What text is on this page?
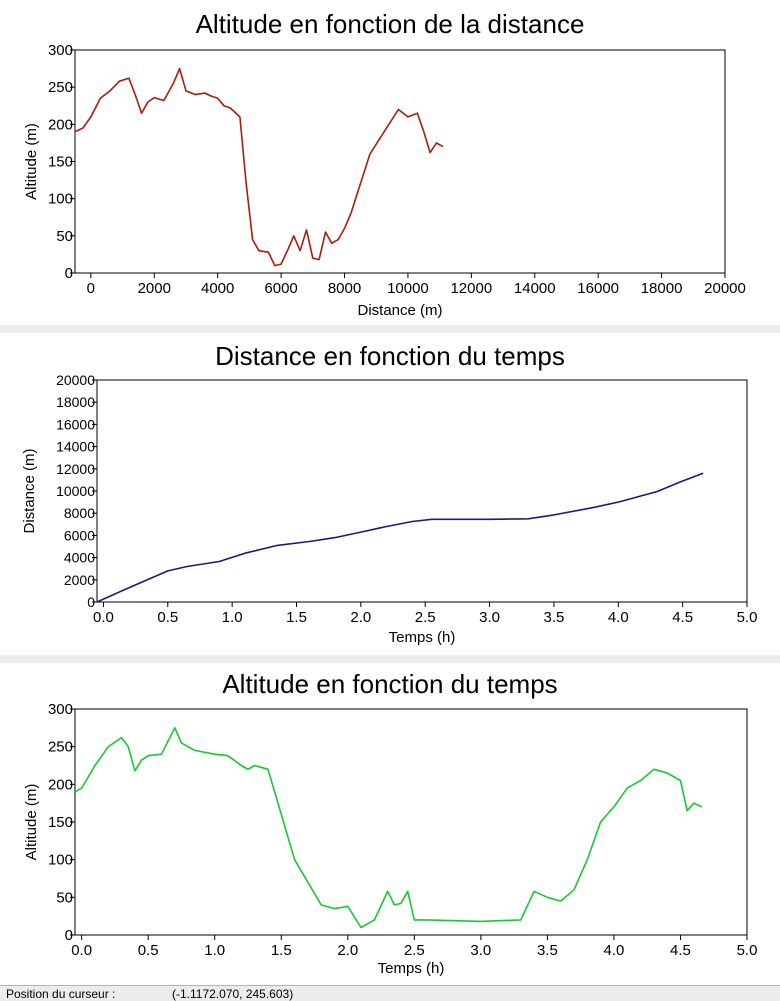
Altitude en fonction de la distance
0
50
100
150
200
250
300
0	2000 4000 6000 8000 10000 12000 14000 16000 18000 20000
Distance (m)
Altitude (m)
Distance en fonction du temps
0
2000
4000
6000
8000
10000
12000
14000
16000
18000
20000
0.0	0.5	1.0	1.5	2.0	2.5	3.0	3.5	4.0	4.5	5.0
Temps (h)
Distance (m)
Altitude en fonction du temps
0
50
100
150
200
250
300
0.0	0.5	1.0	1.5	2.0	2.5	3.0	3.5	4.0	4.5	5.0
Temps (h)
Altitude (m)
Position du curseur :	(-1.1172.070, 245.603)
